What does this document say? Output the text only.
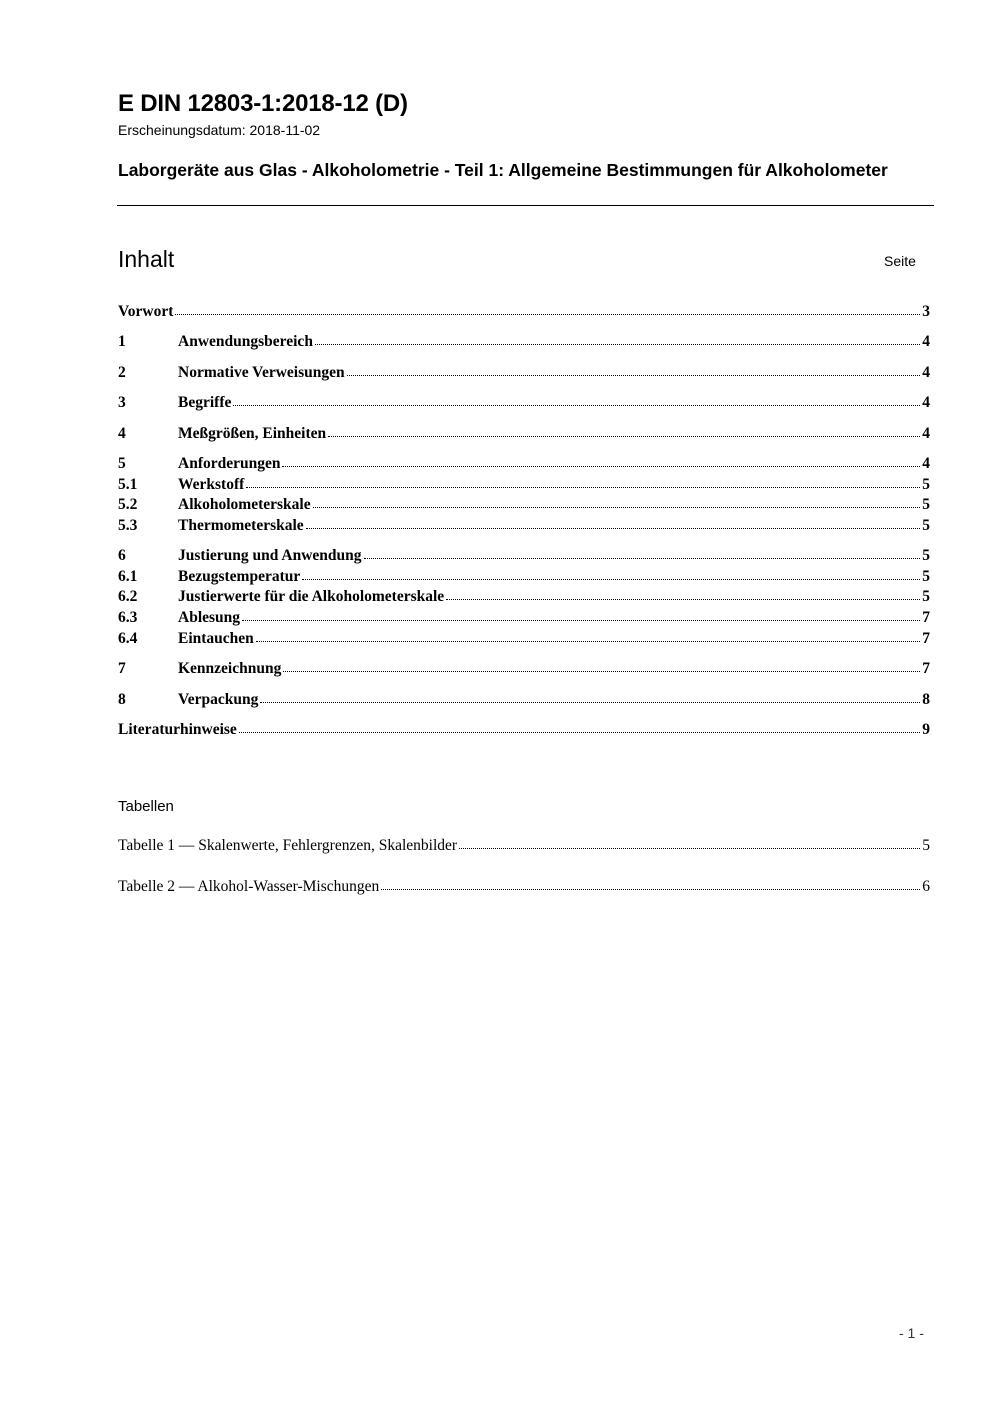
E DIN 12803-1:2018-12 (D)
Erscheinungsdatum: 2018-11-02
Laborgeräte aus Glas - Alkoholometrie - Teil 1: Allgemeine Bestimmungen für Alkoholometer
Inhalt	Seite
Vorwort	3
1	Anwendungsbereich	4
2	Normative Verweisungen	4
3	Begriffe	4
4	Meßgrößen, Einheiten	4
5	Anforderungen	4
5.1	Werkstoff	5
5.2	Alkoholometerskale	5
5.3	Thermometerskale	5
6	Justierung und Anwendung	5
6.1	Bezugstemperatur	5
6.2	Justierwerte für die Alkoholometerskale	5
6.3	Ablesung	7
6.4	Eintauchen	7
7	Kennzeichnung	7
8	Verpackung	8
Literaturhinweise	9
Tabellen
Tabelle 1 — Skalenwerte, Fehlergrenzen, Skalenbilder	5
Tabelle 2 — Alkohol-Wasser-Mischungen	6
- 1 -
